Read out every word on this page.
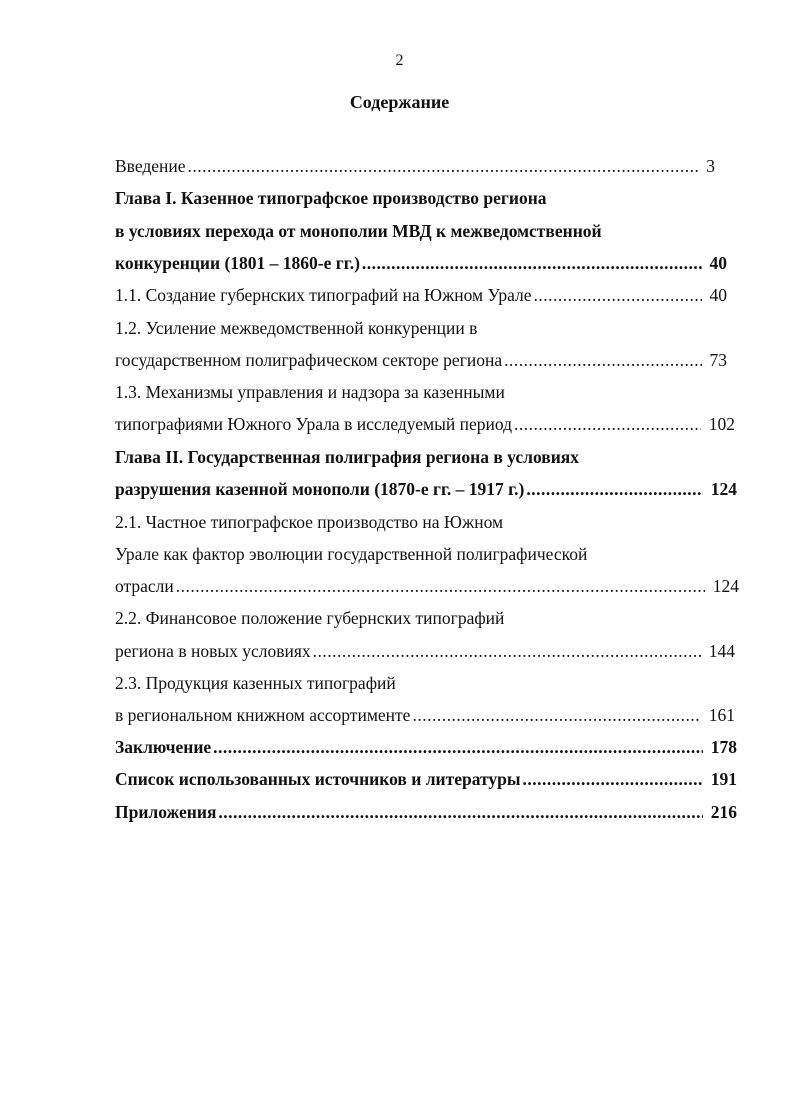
2
Содержание
Введение .....	3
Глава I. Казенное типографское производство региона
в условиях перехода от монополии МВД к межведомственной
конкуренции (1801 – 1860-е гг.) .....	40
1.1. Создание губернских типографий на Южном Урале .....	40
1.2. Усиление межведомственной конкуренции в
государственном полиграфическом секторе региона .....	73
1.3. Механизмы управления и надзора за казенными
типографиями Южного Урала в исследуемый период .....	102
Глава II. Государственная полиграфия региона в условиях
разрушения казенной монополи (1870-е гг. – 1917 г.) .....	124
2.1. Частное типографское производство на Южном
Урале как фактор эволюции государственной полиграфической
отрасли .....	124
2.2. Финансовое положение губернских типографий
региона в новых условиях .....	144
2.3. Продукция казенных типографий
в региональном книжном ассортименте .....	161
Заключение .....	178
Список использованных источников и литературы .....	191
Приложения .....	216
